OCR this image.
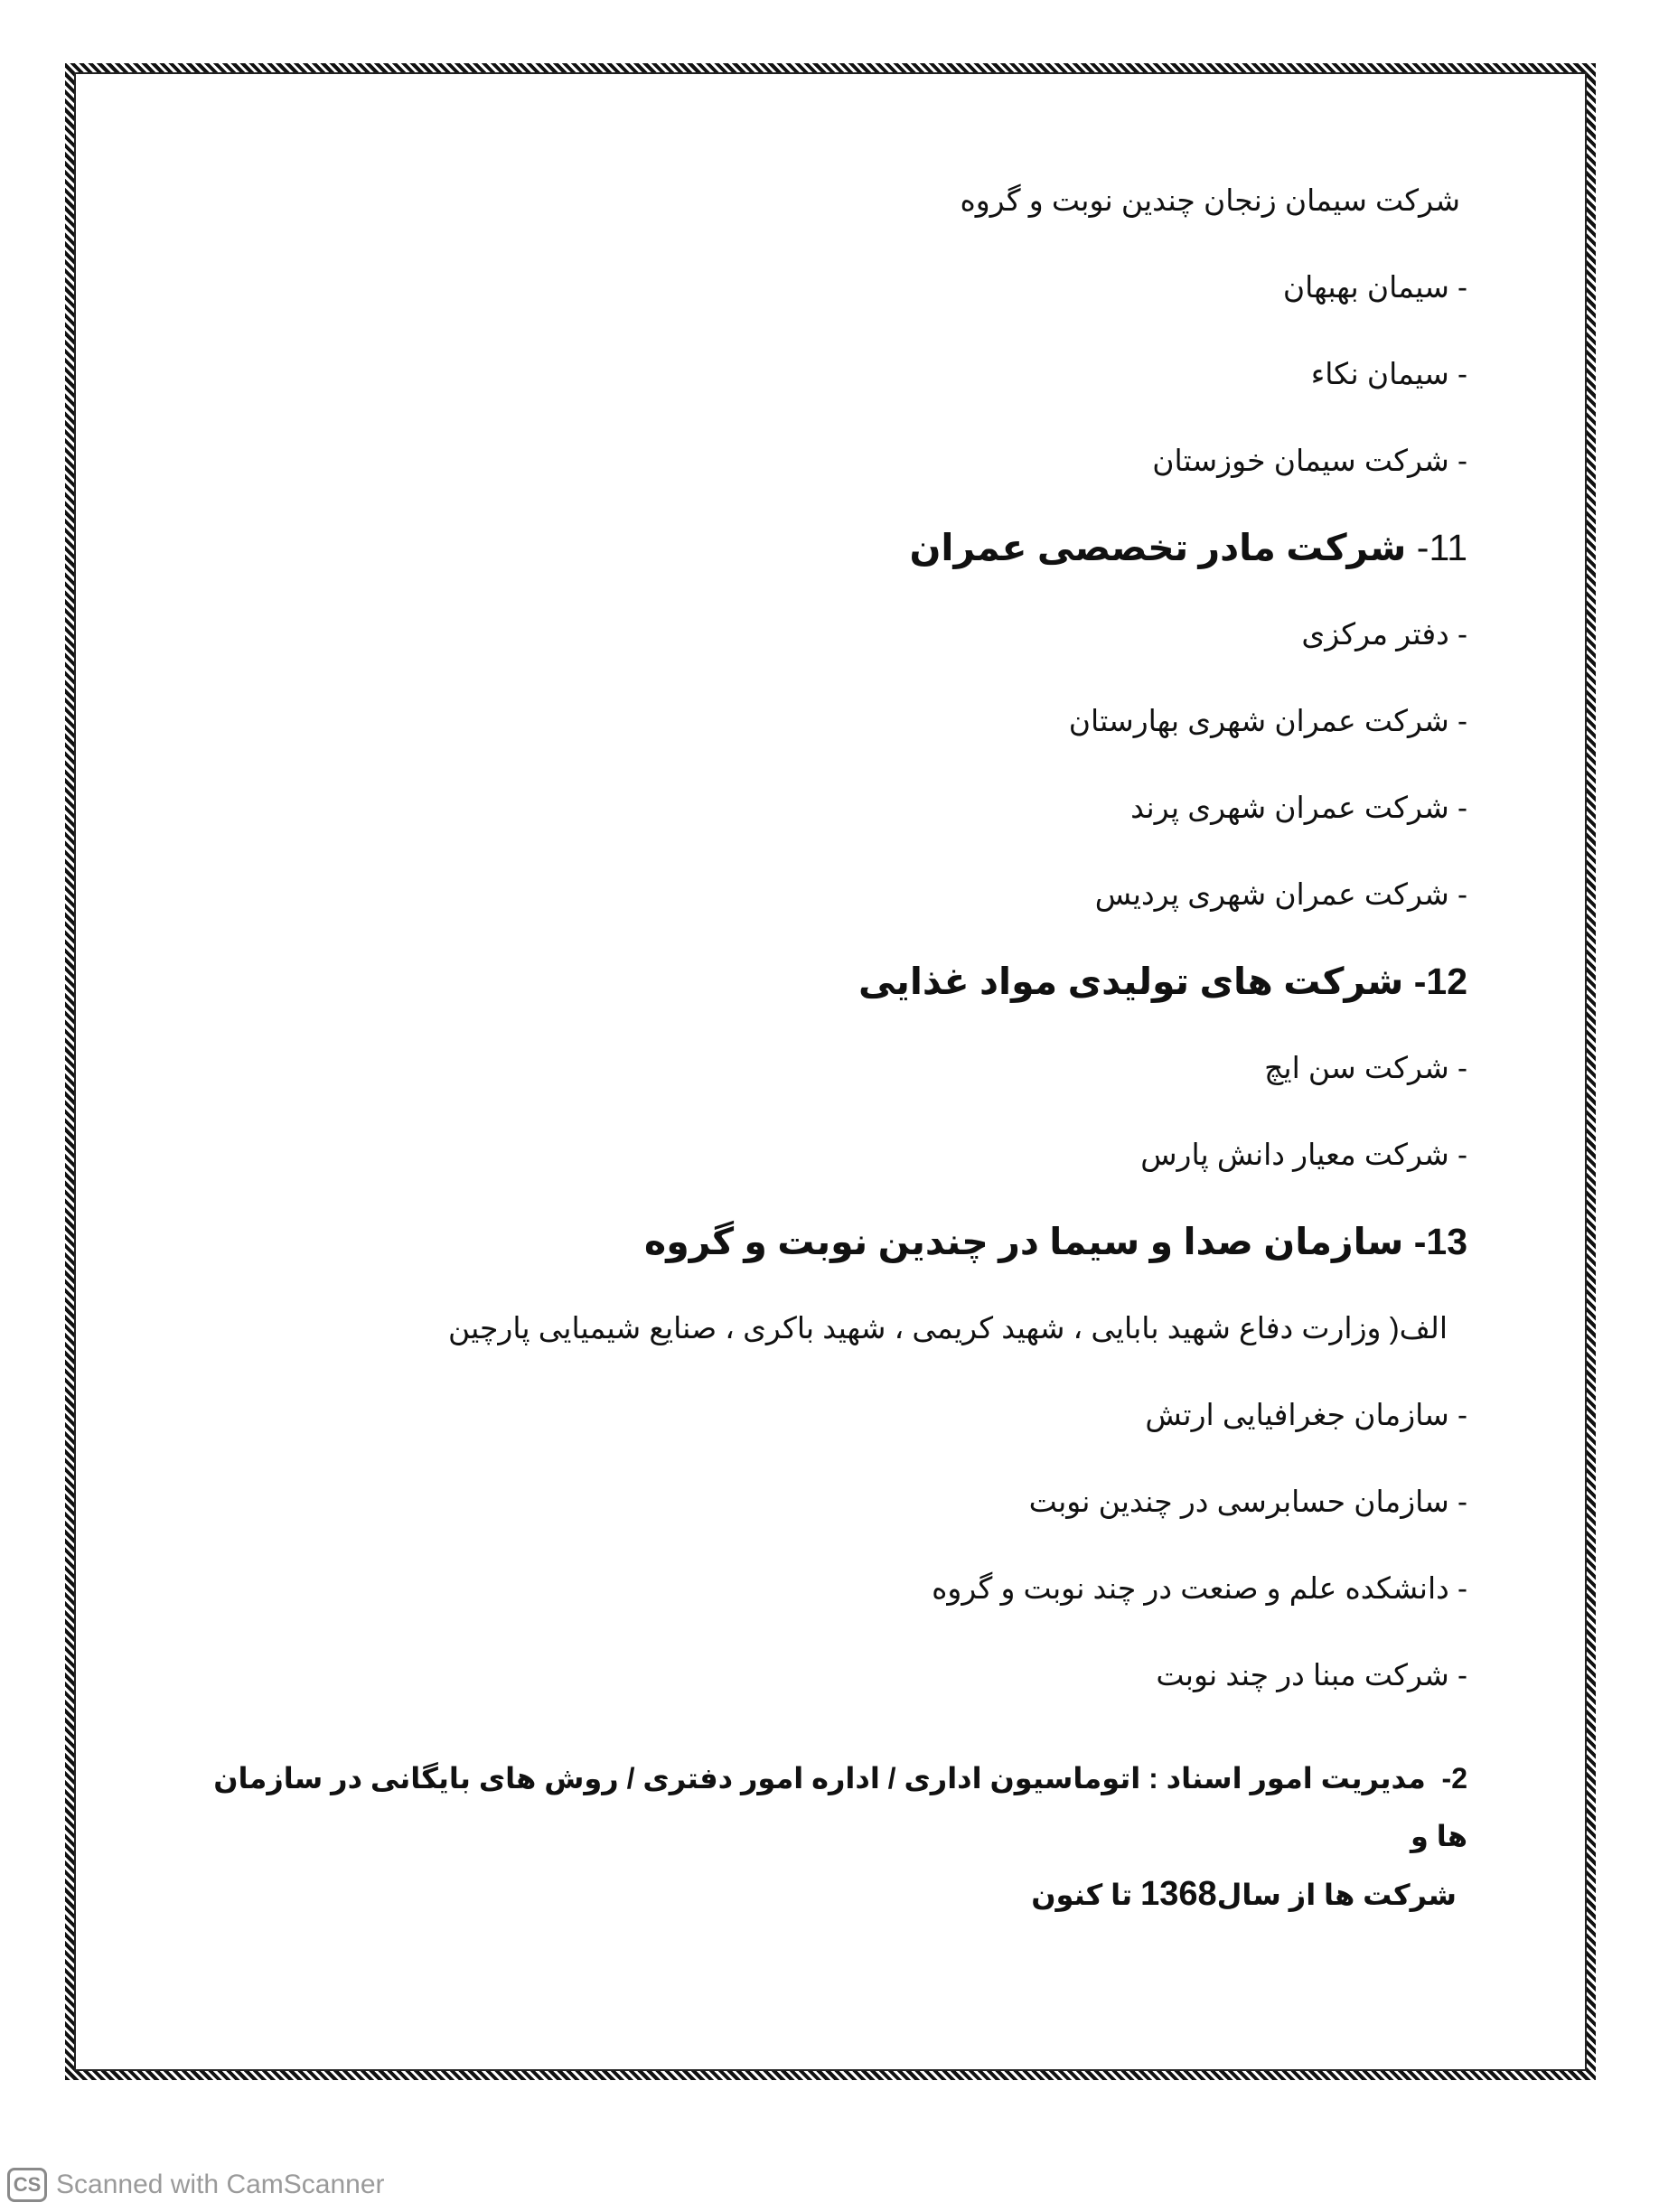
شرکت سیمان زنجان چندین نوبت و گروه

- سیمان بهبهان

- سیمان نکاء

- شرکت سیمان خوزستان

11- شرکت مادر تخصصی عمران

- دفتر مرکزی

- شرکت عمران شهری بهارستان

- شرکت عمران شهری پرند

- شرکت عمران شهری پردیس

12- شرکت های تولیدی مواد غذایی

- شرکت سن ایچ

- شرکت معیار دانش پارس

13- سازمان صدا و سیما در چندین نوبت و گروه

الف( وزارت دفاع شهید بابایی ، شهید کریمی ، شهید باکری ، صنایع شیمیایی پارچین

- سازمان جغرافیایی ارتش

- سازمان حسابرسی در چندین نوبت

- دانشکده علم و صنعت در چند نوبت و گروه

- شرکت مبنا در چند نوبت

2-  مدیریت امور اسناد : اتوماسیون اداری / اداره امور دفتری / روش های بایگانی در سازمان ها و
شرکت ها از سال1368 تا کنون
CS Scanned with CamScanner
